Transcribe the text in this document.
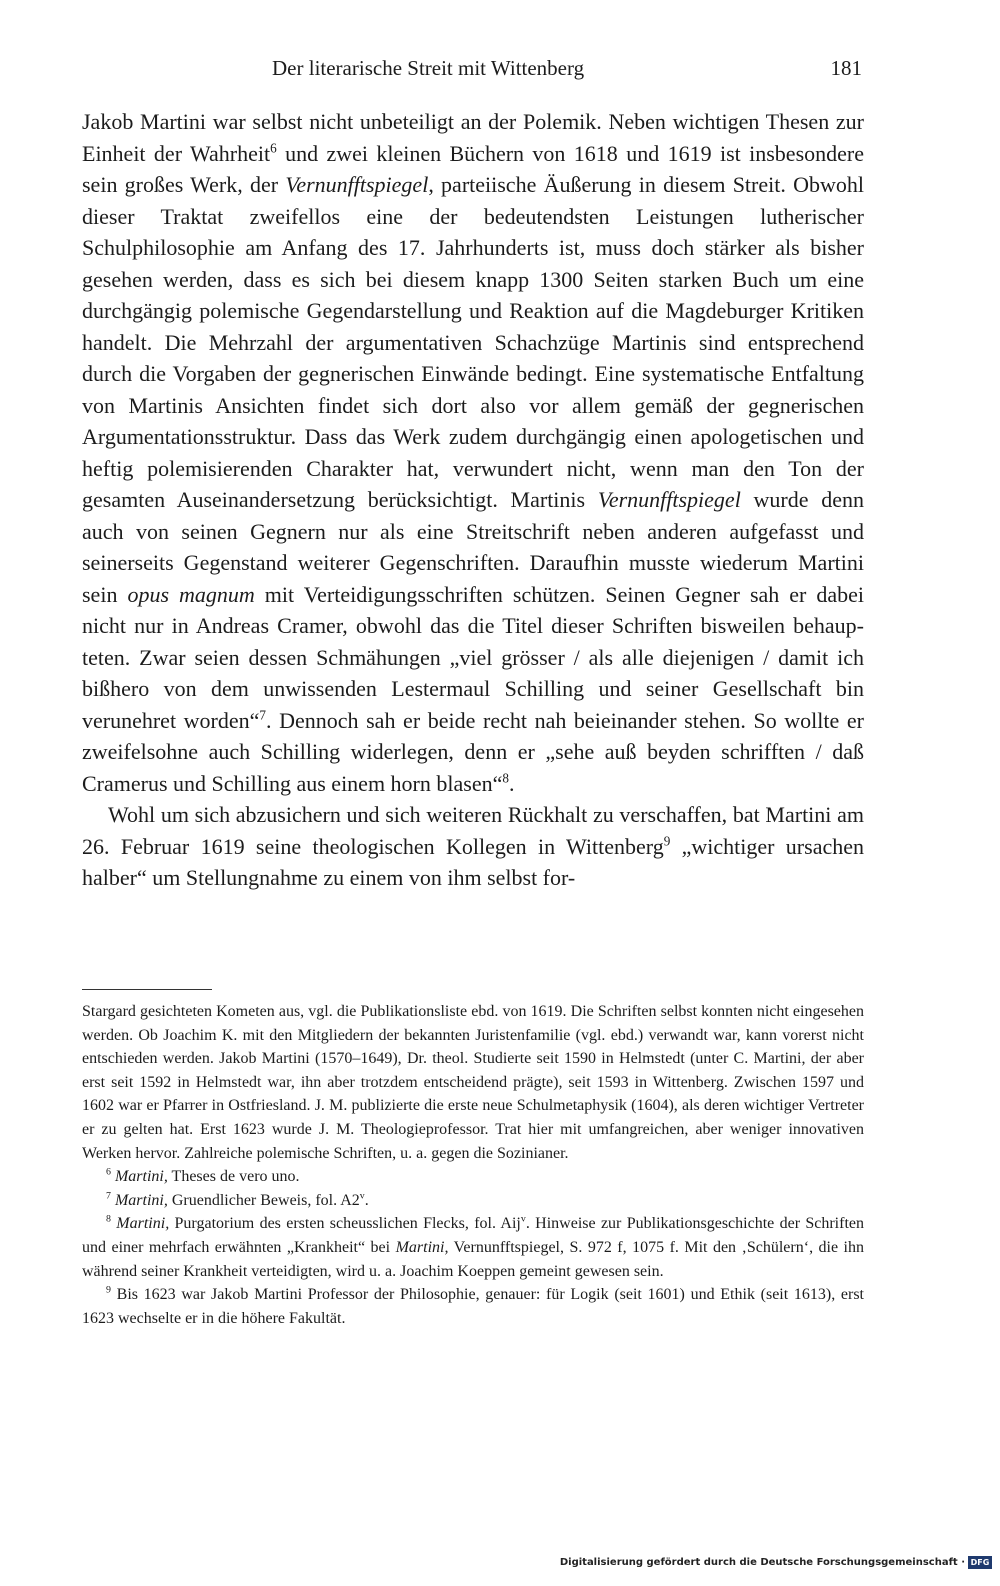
Der literarische Streit mit Wittenberg	181

Jakob Martini war selbst nicht unbeteiligt an der Polemik. Neben wichtigen Thesen zur Einheit der Wahrheit$^6$ und zwei kleinen Büchern von 1618 und 1619 ist insbesondere sein großes Werk, der Vernunfftspiegel, parteiische Äußerung in diesem Streit. Obwohl dieser Traktat zweifellos eine der bedeutendsten Leistungen lutherischer Schulphilosophie am Anfang des 17. Jahrhunderts ist, muss doch stärker als bisher gesehen werden, dass es sich bei diesem knapp 1300 Seiten starken Buch um eine durchgängig polemische Gegendarstellung und Reaktion auf die Magdeburger Kritiken handelt. Die Mehrzahl der argumentativen Schachzüge Martinis sind entsprechend durch die Vorgaben der gegnerischen Einwände bedingt. Eine systematische Entfaltung von Martinis Ansichten findet sich dort also vor allem gemäß der gegnerischen Argumentationsstruktur. Dass das Werk zudem durchgängig einen apologetischen und heftig polemisierenden Charakter hat, verwundert nicht, wenn man den Ton der gesamten Auseinandersetzung berücksichtigt. Martinis Vernunfftspiegel wurde denn auch von seinen Gegnern nur als eine Streitschrift neben anderen aufgefasst und seinerseits Gegenstand weiterer Gegenschriften. Daraufhin musste wiederum Martini sein opus magnum mit Verteidigungsschriften schützen. Seinen Gegner sah er dabei nicht nur in Andreas Cramer, obwohl das die Titel dieser Schriften bisweilen behaupteten. Zwar seien dessen Schmähungen „viel grösser / als alle diejenigen / damit ich bißhero von dem unwissenden Lestermaul Schilling und seiner Gesellschaft bin verunehret worden“$^7$. Dennoch sah er beide recht nah beieinander stehen. So wollte er zweifelsohne auch Schilling widerlegen, denn er „sehe auß beyden schrifften / daß Cramerus und Schilling aus einem horn blasen“$^8$.

Wohl um sich abzusichern und sich weiteren Rückhalt zu verschaffen, bat Martini am 26. Februar 1619 seine theologischen Kollegen in Wittenberg$^9$ „wichtiger ursachen halber“ um Stellungnahme zu einem von ihm selbst for-

Stargard gesichteten Kometen aus, vgl. die Publikationsliste ebd. von 1619. Die Schriften selbst konnten nicht eingesehen werden. Ob Joachim K. mit den Mitgliedern der bekannten Juristenfamilie (vgl. ebd.) verwandt war, kann vorerst nicht entschieden werden. Jakob Martini (1570–1649), Dr. theol. Studierte seit 1590 in Helmstedt (unter C. Martini, der aber erst seit 1592 in Helmstedt war, ihn aber trotzdem entscheidend prägte), seit 1593 in Wittenberg. Zwischen 1597 und 1602 war er Pfarrer in Ostfriesland. J. M. publizierte die erste neue Schulmetaphysik (1604), als deren wichtiger Vertreter er zu gelten hat. Erst 1623 wurde J. M. Theologieprofessor. Trat hier mit umfangreichen, aber weniger innovativen Werken hervor. Zahlreiche polemische Schriften, u. a. gegen die Sozinianer.

$^6$ Martini, Theses de vero uno.

$^7$ Martini, Gruendlicher Beweis, fol. A2$^v$.

$^8$ Martini, Purgatorium des ersten scheusslichen Flecks, fol. Aij$^v$. Hinweise zur Publikationsgeschichte der Schriften und einer mehrfach erwähnten „Krankheit“ bei Martini, Vernunfftspiegel, S. 972 f, 1075 f. Mit den ‚Schülern‘, die ihn während seiner Krankheit verteidigten, wird u. a. Joachim Koeppen gemeint gewesen sein.

$^9$ Bis 1623 war Jakob Martini Professor der Philosophie, genauer: für Logik (seit 1601) und Ethik (seit 1613), erst 1623 wechselte er in die höhere Fakultät.

Digitalisierung gefördert durch die Deutsche Forschungsgemeinschaft · DFG
